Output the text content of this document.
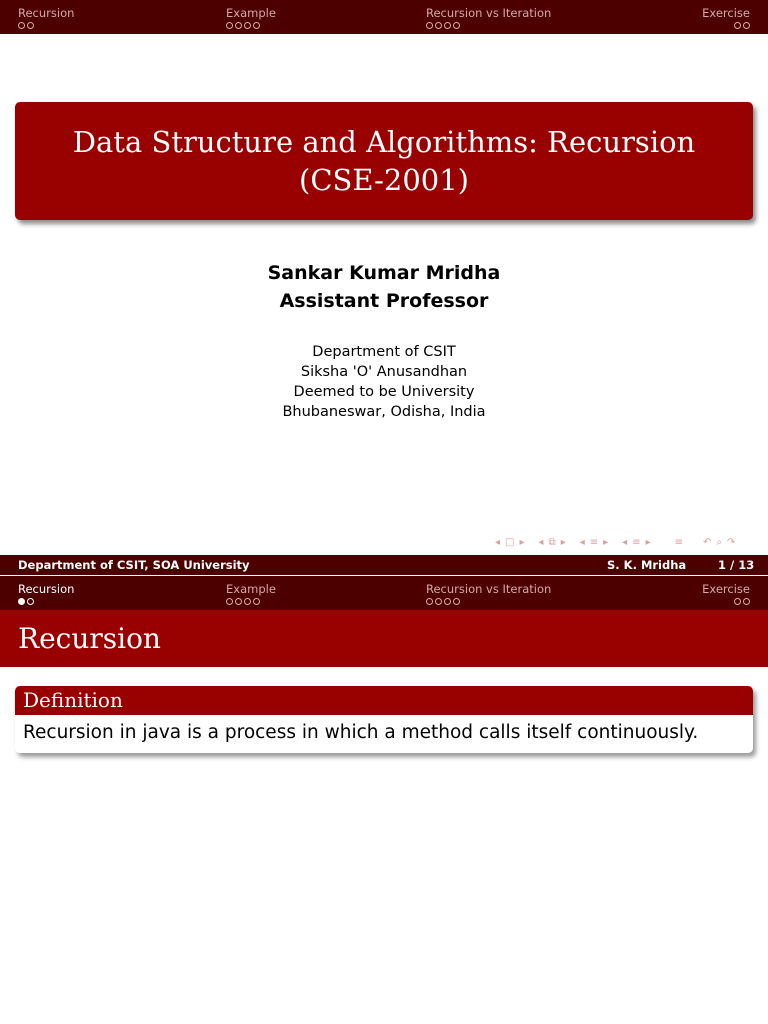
Recursion	Example	Recursion vs Iteration	Exercise
Data Structure and Algorithms: Recursion
(CSE-2001)
Sankar Kumar Mridha
Assistant Professor
Department of CSIT
Siksha 'O' Anusandhan
Deemed to be University
Bhubaneswar, Odisha, India
◂ □ ▸ ◂ ⧉ ▸ ◂ ≡ ▸ ◂ ≡ ▸ ≡ ↶ ⌕ ↷
Department of CSIT, SOA University	S. K. Mridha	1 / 13
Recursion	Example	Recursion vs Iteration	Exercise
Recursion
Definition
Recursion in java is a process in which a method calls itself continuously.
